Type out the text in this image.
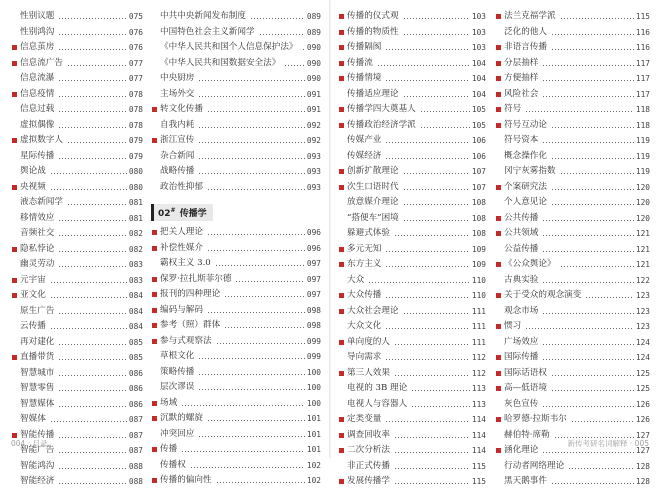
性别议题	075
性别鸿沟	076
信息茧房	076
信息流广告	077
信息流瀑	077
信息疫情	078
信息过载	078
虚拟偶像	078
虚拟数字人	079
星际传播	079
舆论战	080
央视频	080
液态新闻学	081
移情效应	081
音频社交	082
隐私悖论	082
幽灵劳动	083
元宇宙	083
亚文化	084
原生广告	084
云传播	084
再对建化	085
直播带货	085
智慧城市	086
智慧零售	086
智慧媒体	086
智媒体	087
智能传播	087
智能广告	087
智能鸿沟	088
智能经济	088
中共中央新闻发布制度	089
中国特色社会主义新闻学	089
《中华人民共和国个人信息保护法》 090
《中华人民共和国数据安全法》	090
中央厨房	090
主场外交	091
转文化传播	091
自我内耗	092
浙江宣传	092
杂合新闻	093
战略传播	093
政治性抑郁	093
02# 传播学
把关人理论	096
补偿性媒介	096
霸权主义 3.0	097
保罗·拉扎斯菲尔德	097
报刊的四种理论	097
编码与解码	098
参考（照）群体	098
参与式观察法	099
草根文化	099
策略传播	100
层次谬误	100
场域	100
沉默的螺旋	101
冲突回应	101
传播	101
传播权	102
传播的偏向性	102
004 · 目录
传播的仪式观	103
传播的物质性	103
传播隔阂	103
传播流	104
传播情境	104
传播适应理论	104
传播学四大奠基人	105
传播政治经济学派	105
传媒产业	106
传媒经济	106
创新扩散理论	107
次生口语时代	107
放意媒介理论	108
“搭便车”困境	108
躲避式体验	108
多元无知	109
东方主义	109
大众	110
大众传播	110
大众社会理论	111
大众文化	111
单向度的人	111
导向需求	112
第三人效果	112
电视的 3B 理论	113
电视人与容器人	113
定类变量	114
调查回收率	114
二次分析法	114
非正式传播	115
发展传播学	115
法兰克福学派	115
泛化的他人	116
非语言传播	116
分层抽样	117
方便抽样	117
风险社会	117
符号	118
符号互动论	118
符号资本	119
概念操作化	119
冈宁灰雾指数	119
个案研究法	120
个人意见论	120
公共传播	120
公共领域	121
公益传播	121
《公众舆论》	121
古典实验	122
关于受众的观念演变	123
观念市场	123
惯习	123
广场效应	124
国际传播	124
国际话语权	125
高—低语境	125
灰色宣传	126
哈罗德·拉斯韦尔	126
赫伯特·席勒	127
涵化理论	127
行动者网络理论	128
黑天鹅事件	128
新传考研名词解释 · 005
